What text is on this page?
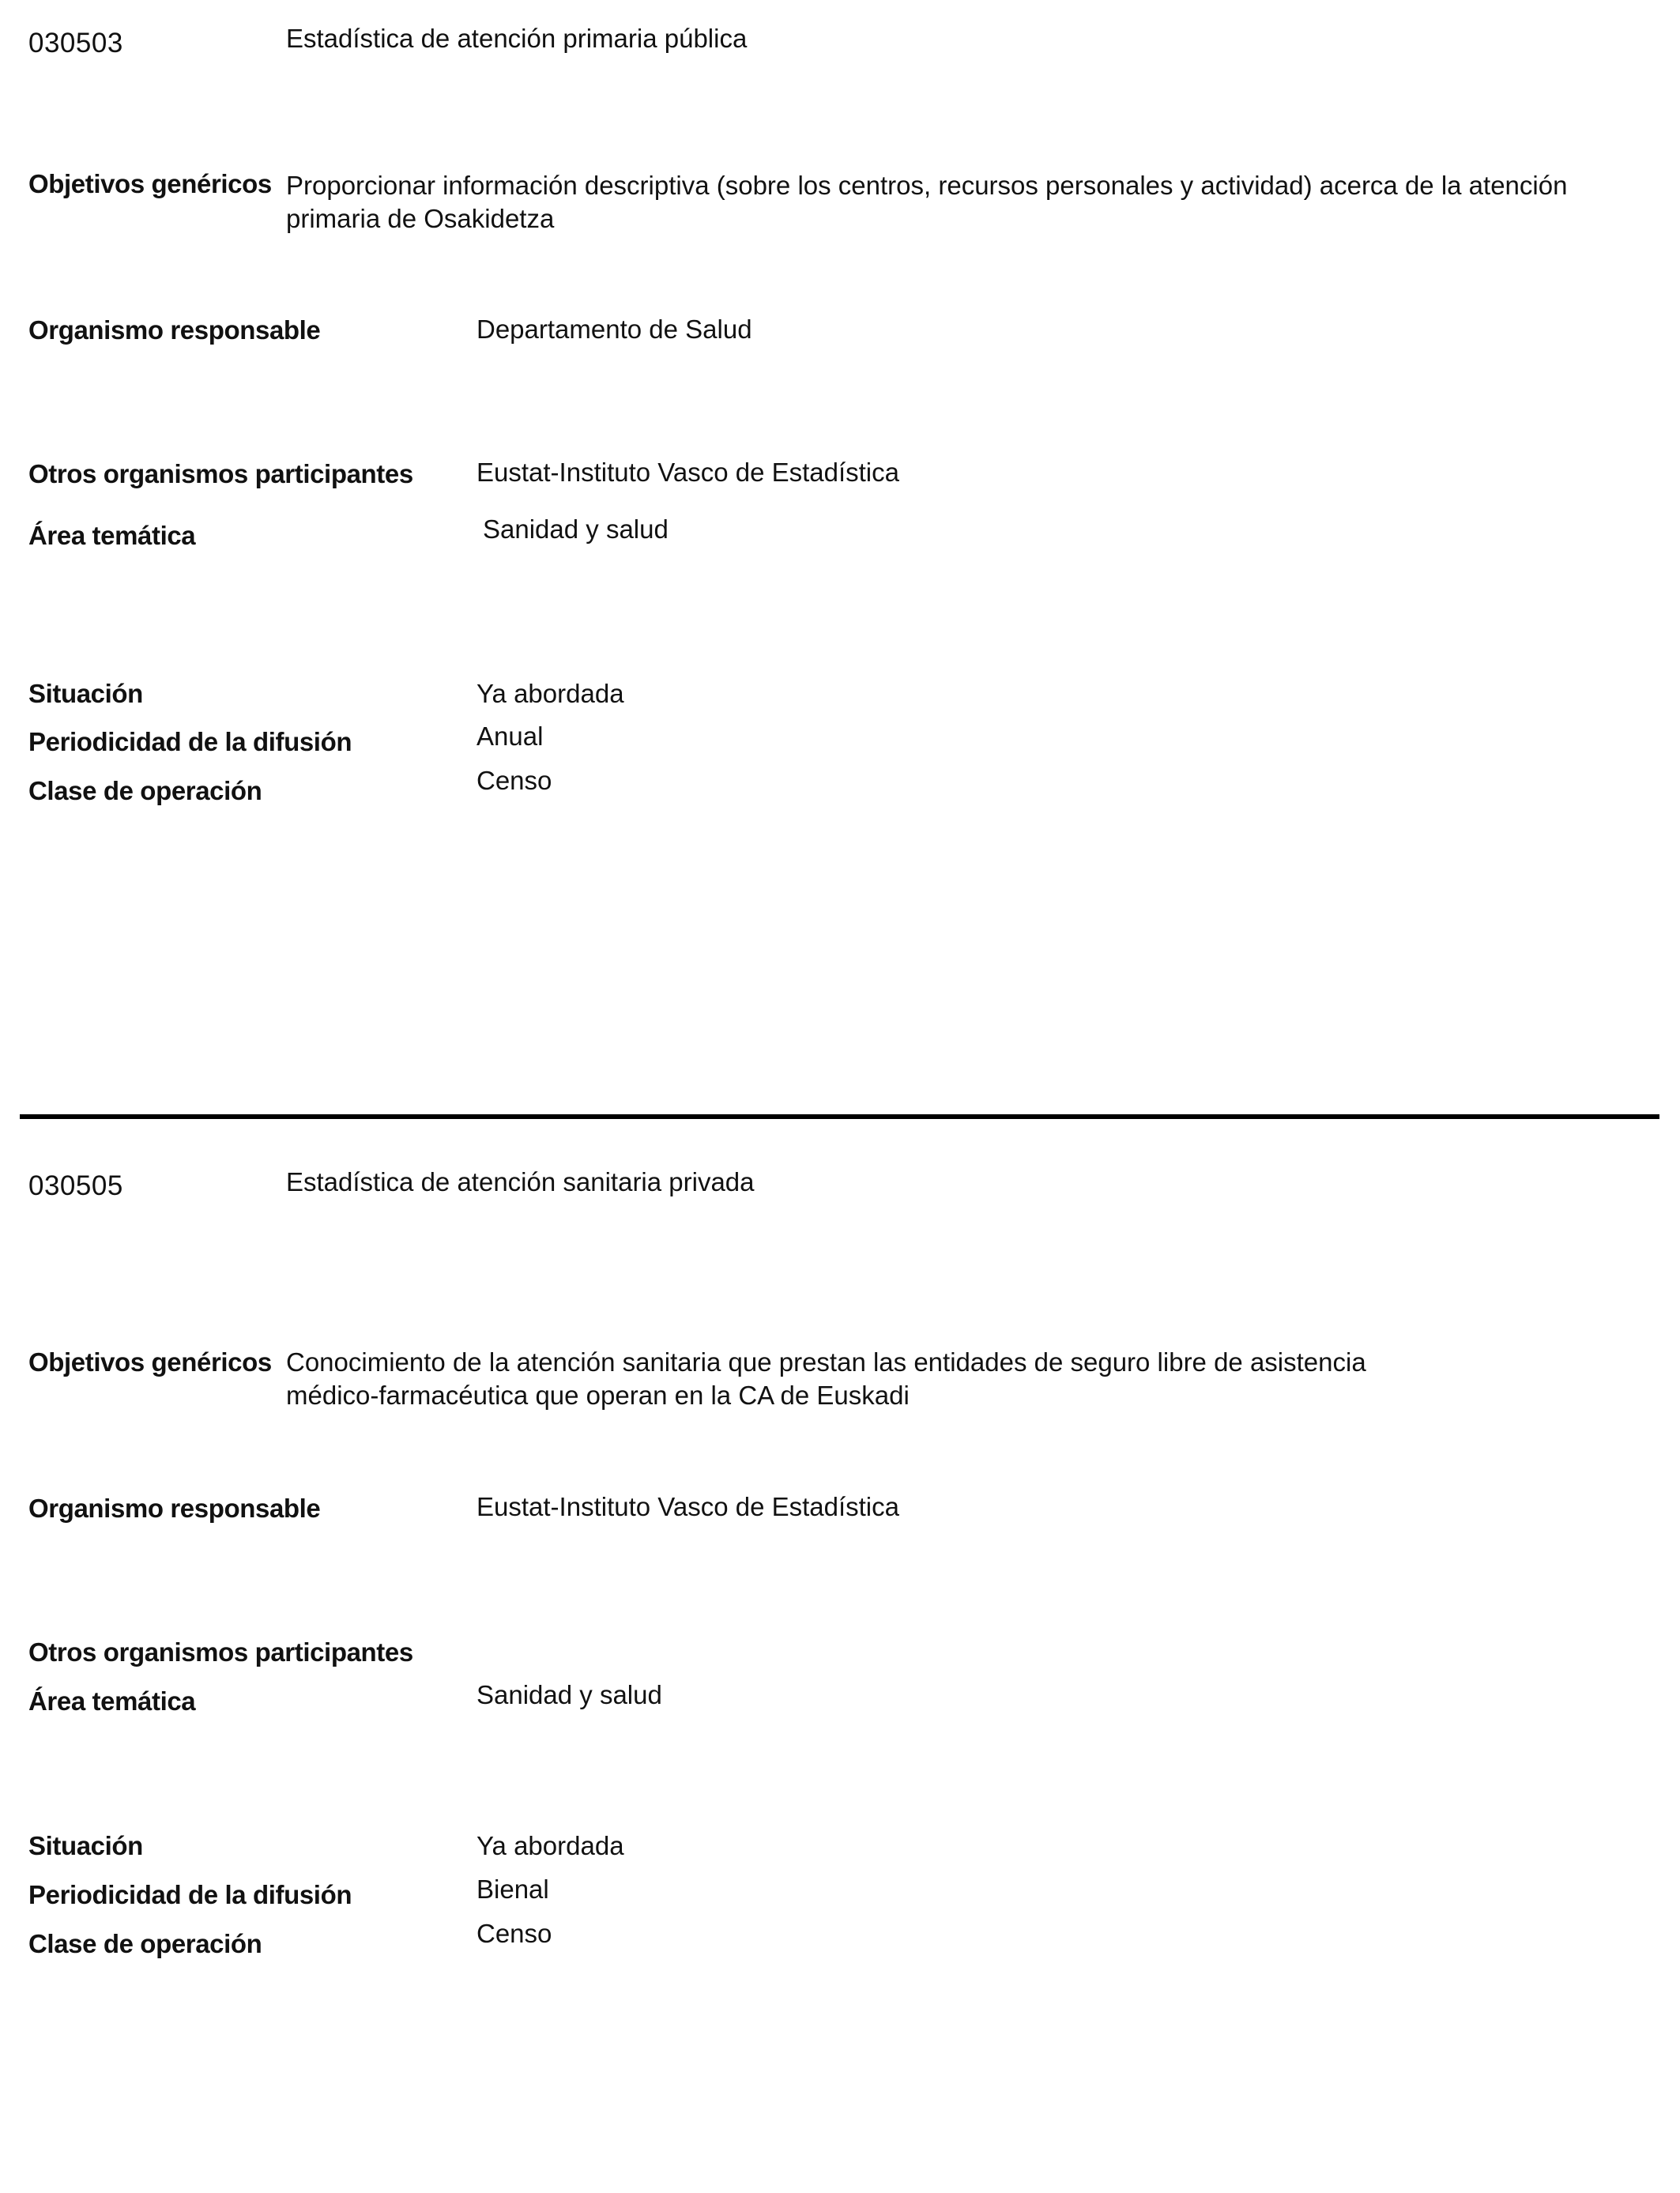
030503	Estadística de atención primaria pública
Objetivos genéricos Proporcionar información descriptiva (sobre los centros, recursos personales y actividad) acerca de la atención primaria de Osakidetza
Organismo responsable	Departamento de Salud
Otros organismos participantes Eustat-Instituto Vasco de Estadística
Área temática	Sanidad y salud
Situación	Ya abordada
Periodicidad de la difusión	Anual
Clase de operación	Censo
030505	Estadística de atención sanitaria privada
Objetivos genéricos Conocimiento de la atención sanitaria que prestan las entidades de seguro libre de asistencia médico-farmacéutica que operan en la CA de Euskadi
Organismo responsable	Eustat-Instituto Vasco de Estadística
Otros organismos participantes
Área temática	Sanidad y salud
Situación	Ya abordada
Periodicidad de la difusión	Bienal
Clase de operación	Censo
